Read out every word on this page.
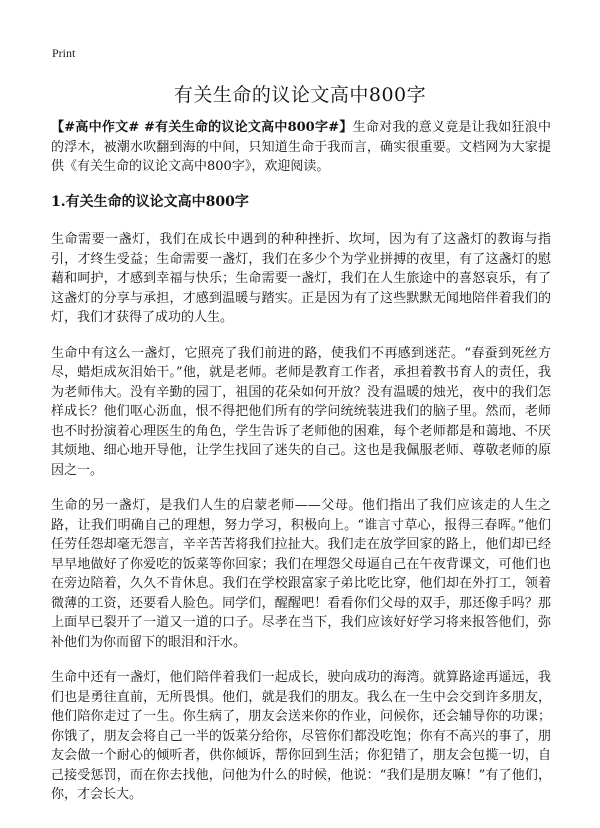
Print
有关生命的议论文高中800字

【#高中作文# #有关生命的议论文高中800字#】生命对我的意义竟是让我如狂浪中的浮木，被潮水吹翻到海的中间，只知道生命于我而言，确实很重要。文档网为大家提供《有关生命的议论文高中800字》，欢迎阅读。

1.有关生命的议论文高中800字

生命需要一盏灯，我们在成长中遇到的种种挫折、坎坷，因为有了这盏灯的教诲与指引，才终生受益；生命需要一盏灯，我们在多少个为学业拼搏的夜里，有了这盏灯的慰藉和呵护，才感到幸福与快乐；生命需要一盏灯，我们在人生旅途中的喜怒哀乐，有了这盏灯的分享与承担，才感到温暖与踏实。正是因为有了这些默默无闻地陪伴着我们的灯，我们才获得了成功的人生。

生命中有这么一盏灯，它照亮了我们前进的路，使我们不再感到迷茫。“春蚕到死丝方尽，蜡炬成灰泪始干。”他，就是老师。老师是教育工作者，承担着教书育人的责任，我为老师伟大。没有辛勤的园丁，祖国的花朵如何开放？没有温暖的烛光，夜中的我们怎样成长？他们呕心沥血，恨不得把他们所有的学问统统装进我们的脑子里。然而，老师也不时扮演着心理医生的角色，学生告诉了老师他的困难，每个老师都是和蔼地、不厌其烦地、细心地开导他，让学生找回了迷失的自己。这也是我佩服老师、尊敬老师的原因之一。

生命的另一盏灯，是我们人生的启蒙老师——父母。他们指出了我们应该走的人生之路，让我们明确自己的理想，努力学习，积极向上。“谁言寸草心，报得三春晖。”他们任劳任怨却毫无怨言，辛辛苦苦将我们拉扯大。我们走在放学回家的路上，他们却已经早早地做好了你爱吃的饭菜等你回家；我们在埋怨父母逼自己在午夜背课文，可他们也在旁边陪着，久久不肯休息。我们在学校跟富家子弟比吃比穿，他们却在外打工，领着微薄的工资，还要看人脸色。同学们，醒醒吧！看看你们父母的双手，那还像手吗？那上面早已裂开了一道又一道的口子。尽孝在当下，我们应该好好学习将来报答他们，弥补他们为你而留下的眼泪和汗水。

生命中还有一盏灯，他们陪伴着我们一起成长，驶向成功的海湾。就算路途再遥远，我们也是勇往直前，无所畏惧。他们，就是我们的朋友。我么在一生中会交到许多朋友，他们陪你走过了一生。你生病了，朋友会送来你的作业，问候你，还会辅导你的功课；你饿了，朋友会将自己一半的饭菜分给你，尽管你们都没吃饱；你有不高兴的事了，朋友会做一个耐心的倾听者，供你倾诉，帮你回到生活；你犯错了，朋友会包揽一切，自己接受惩罚，而在你去找他，问他为什么的时候，他说：“我们是朋友嘛！”有了他们，你，才会长大。
